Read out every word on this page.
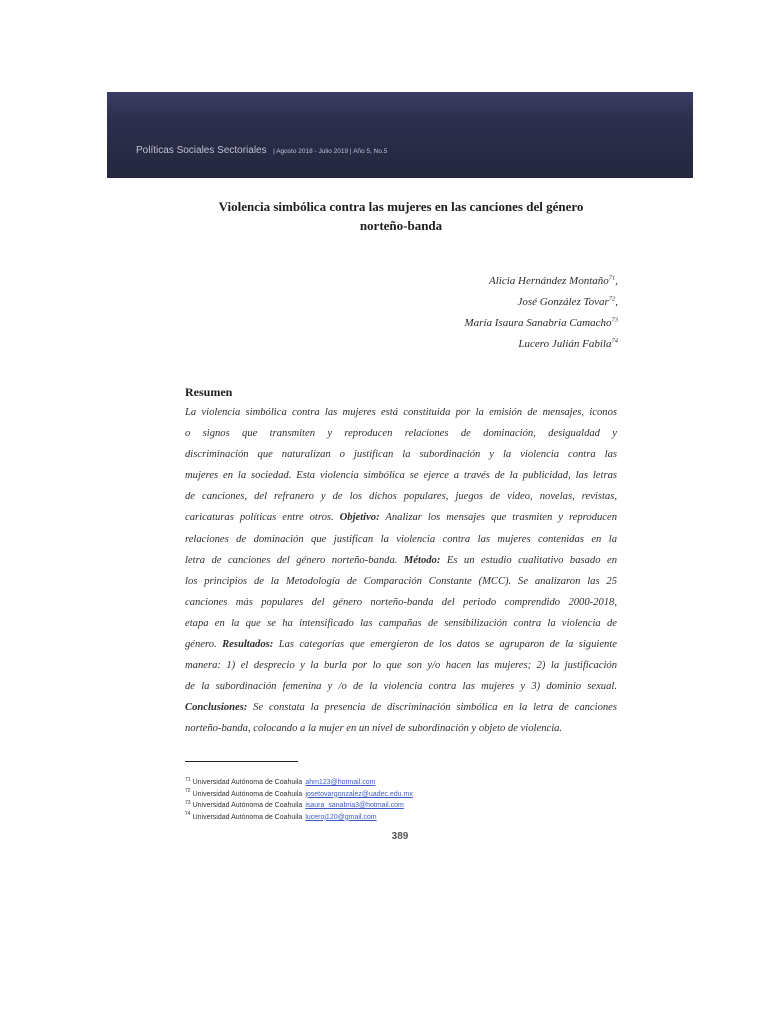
Políticas Sociales Sectoriales | Agosto 2018 - Julio 2019 | Año 5, No.5
Violencia simbólica contra las mujeres en las canciones del género
norteño-banda
Alicia Hernández Montaño$^{71}$,
José González Tovar$^{72}$,
María Isaura Sanabria Camacho$^{73}$
Lucero Julián Fabila$^{74}$
Resumen
La violencia simbólica contra las mujeres está constituida por la emisión de mensajes, iconos
o signos que transmiten y reproducen relaciones de dominación, desigualdad y
discriminación que naturalizan o justifican la subordinación y la violencia contra las
mujeres en la sociedad. Esta violencia simbólica se ejerce a través de la publicidad, las letras
de canciones, del refranero y de los dichos populares, juegos de video, novelas, revistas,
caricaturas políticas entre otros. Objetivo: Analizar los mensajes que trasmiten y reproducen
relaciones de dominación que justifican la violencia contra las mujeres contenidas en la
letra de canciones del género norteño-banda. Método: Es un estudio cualitativo basado en
los principios de la Metodología de Comparación Constante (MCC). Se analizaron las 25
canciones más populares del género norteño-banda del periodo comprendido 2000-2018,
etapa en la que se ha intensificado las campañas de sensibilización contra la violencia de
género. Resultados: Las categorías que emergieron de los datos se agruparon de la siguiente
manera: 1) el desprecio y la burla por lo que son y/o hacen las mujeres; 2) la justificación
de la subordinación femenina y /o de la violencia contra las mujeres y 3) dominio sexual.
Conclusiones: Se constata la presencia de discriminación simbólica en la letra de canciones
norteño-banda, colocando a la mujer en un nivel de subordinación y objeto de violencia.
$^{71}$ Universidad Autónoma de Coahuila ahm123@hotmail.com
$^{72}$ Universidad Autónoma de Coahuila josetovargonzalez@uadec.edu.mx
$^{73}$ Universidad Autónoma de Coahuila isaura_sanabria3@hotmail.com
$^{74}$ Universidad Autónoma de Coahuila luceroj120@gmail.com
389
